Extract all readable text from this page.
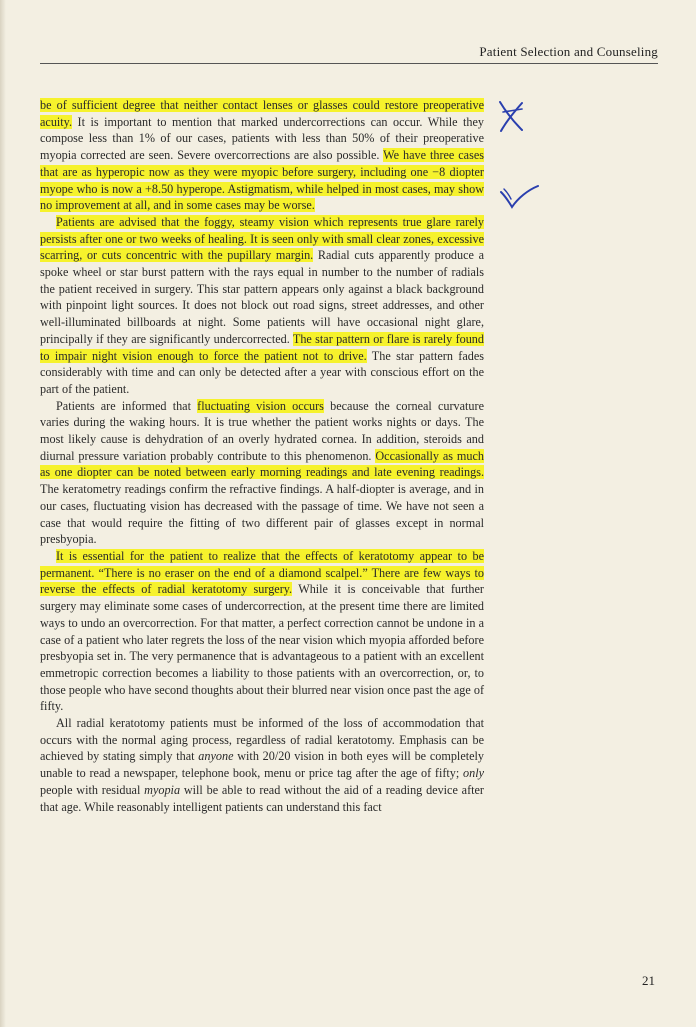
Patient Selection and Counseling

be of sufficient degree that neither contact lenses or glasses could restore preoperative acuity. It is important to mention that marked undercorrections can occur. While they compose less than 1% of our cases, patients with less than 50% of their preoperative myopia corrected are seen. Severe overcorrections are also possible. We have three cases that are as hyperopic now as they were myopic before surgery, including one −8 diopter myope who is now a +8.50 hyperope. Astigmatism, while helped in most cases, may show no improvement at all, and in some cases may be worse.

Patients are advised that the foggy, steamy vision which represents true glare rarely persists after one or two weeks of healing. It is seen only with small clear zones, excessive scarring, or cuts concentric with the pupillary margin. Radial cuts apparently produce a spoke wheel or star burst pattern with the rays equal in number to the number of radials the patient received in surgery. This star pattern appears only against a black background with pinpoint light sources. It does not block out road signs, street addresses, and other well-illuminated billboards at night. Some patients will have occasional night glare, principally if they are significantly undercorrected. The star pattern or flare is rarely found to impair night vision enough to force the patient not to drive. The star pattern fades considerably with time and can only be detected after a year with conscious effort on the part of the patient.

Patients are informed that fluctuating vision occurs because the corneal curvature varies during the waking hours. It is true whether the patient works nights or days. The most likely cause is dehydration of an overly hydrated cornea. In addition, steroids and diurnal pressure variation probably contribute to this phenomenon. Occasionally as much as one diopter can be noted between early morning readings and late evening readings. The keratometry readings confirm the refractive findings. A half-diopter is average, and in our cases, fluctuating vision has decreased with the passage of time. We have not seen a case that would require the fitting of two different pair of glasses except in normal presbyopia.

It is essential for the patient to realize that the effects of keratotomy appear to be permanent. “There is no eraser on the end of a diamond scalpel.” There are few ways to reverse the effects of radial keratotomy surgery. While it is conceivable that further surgery may eliminate some cases of undercorrection, at the present time there are limited ways to undo an overcorrection. For that matter, a perfect correction cannot be undone in a case of a patient who later regrets the loss of the near vision which myopia afforded before presbyopia set in. The very permanence that is advantageous to a patient with an excellent emmetropic correction becomes a liability to those patients with an overcorrection, or, to those people who have second thoughts about their blurred near vision once past the age of fifty.

All radial keratotomy patients must be informed of the loss of accommodation that occurs with the normal aging process, regardless of radial keratotomy. Emphasis can be achieved by stating simply that anyone with 20/20 vision in both eyes will be completely unable to read a newspaper, telephone book, menu or price tag after the age of fifty; only people with residual myopia will be able to read without the aid of a reading device after that age. While reasonably intelligent patients can understand this fact

21
